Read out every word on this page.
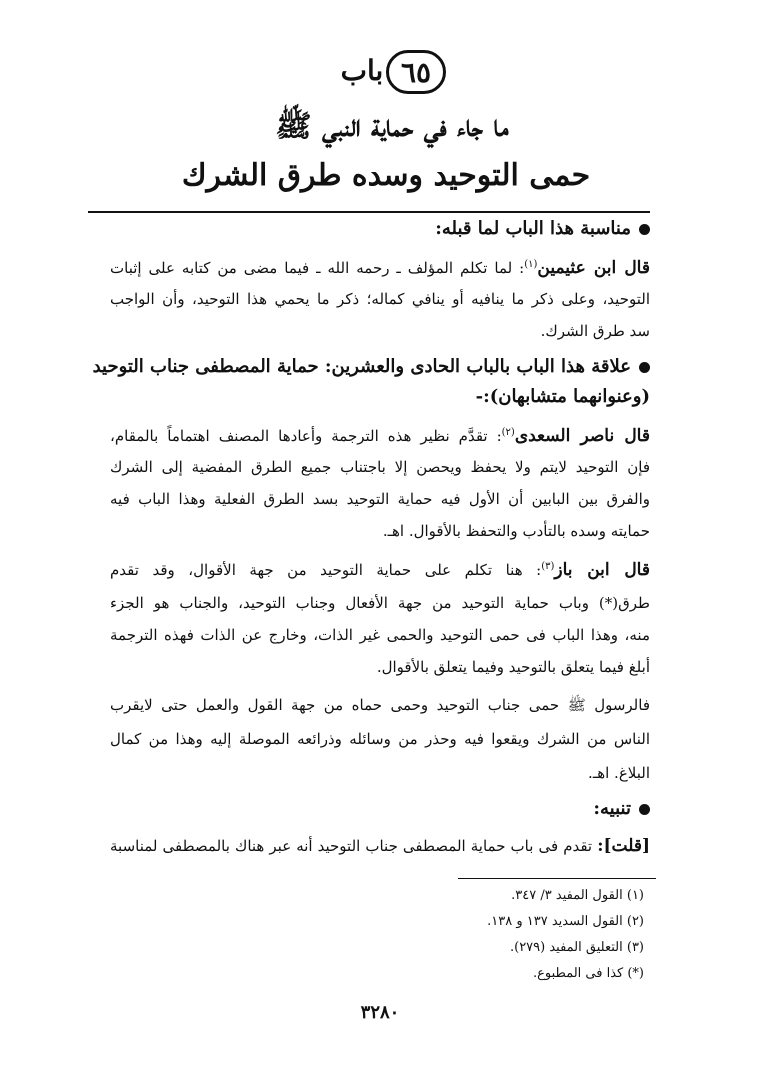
٦٥
باب
ما جاء في حماية النبي ﷺ
حمى التوحيد وسده طرق الشرك
مناسبة هذا الباب لما قبله:
قال ابن عثيمين$^{(١)}$: لما تكلم المؤلف ـ رحمه الله ـ فيما مضى من كتابه على إثبات
التوحيد، وعلى ذكر ما ينافيه أو ينافي كماله؛ ذكر ما يحمي هذا التوحيد، وأن الواجب
سد طرق الشرك.
علاقة هذا الباب بالباب الحادى والعشرين: حماية المصطفى جناب التوحيد
(وعنوانهما متشابهان):-
قال ناصر السعدى$^{(٢)}$: تقدَّم نظير هذه الترجمة وأعادها المصنف اهتماماً بالمقام،
فإن التوحيد لايتم ولا يحفظ ويحصن إلا باجتناب جميع الطرق المفضية إلى الشرك
والفرق بين البابين أن الأول فيه حماية التوحيد بسد الطرق الفعلية وهذا الباب فيه
حمايته وسده بالتأدب والتحفظ بالأقوال. اهـ.
قال ابن باز$^{(٣)}$: هنا تكلم على حماية التوحيد من جهة الأقوال، وقد تقدم
طرق(*) وباب حماية التوحيد من جهة الأفعال وجناب التوحيد، والجناب هو الجزء
منه، وهذا الباب فى حمى التوحيد والحمى غير الذات، وخارج عن الذات فهذه الترجمة
أبلغ فيما يتعلق بالتوحيد وفيما يتعلق بالأقوال.
فالرسول ﷺ حمى جناب التوحيد وحمى حماه من جهة القول والعمل حتى لايقرب
الناس من الشرك ويقعوا فيه وحذر من وسائله وذرائعه الموصلة إليه وهذا من كمال
البلاغ. اهـ.
تنبيه:
[قلت]: تقدم فى باب حماية المصطفى جناب التوحيد أنه عبر هناك بالمصطفى لمناسبة
(١) القول المفيد ٣/ ٣٤٧.
(٢) القول السديد ١٣٧ و ١٣٨.
(٣) التعليق المفيد (٢٧٩).
(*) كذا فى المطبوع.
٣٢٨٠
